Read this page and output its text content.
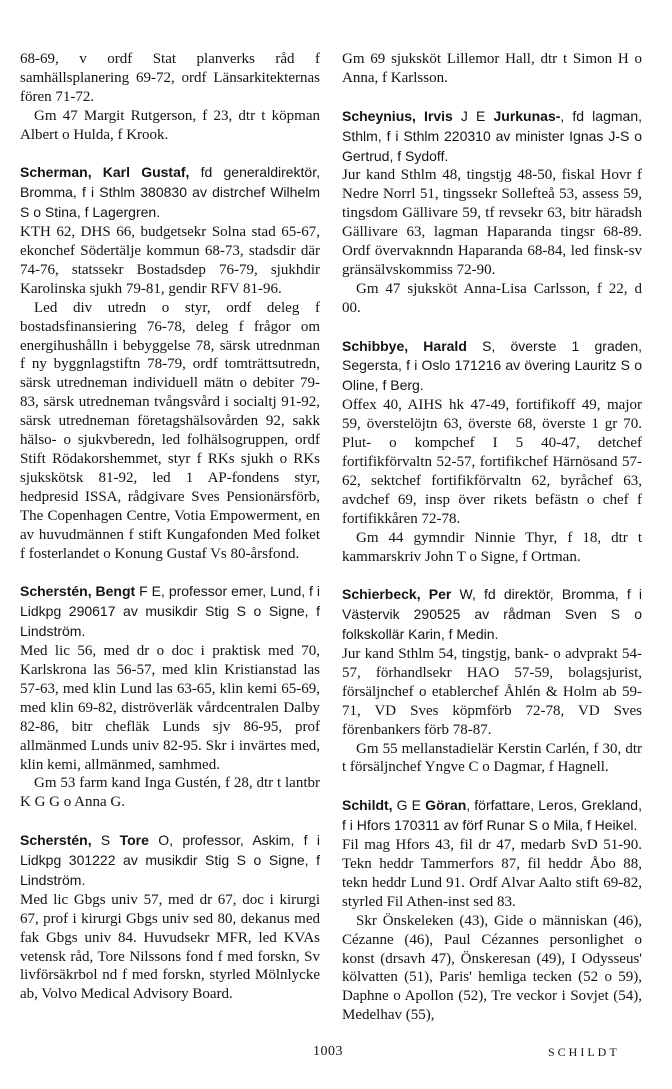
68-69, v ordf Stat planverks råd f samhällsplanering 69-72, ordf Länsarkitekternas fören 71-72.

Gm 47 Margit Rutgerson, f 23, dtr t köpman Albert o Hulda, f Krook.

Scherman, Karl Gustaf, fd generaldirektör, Bromma, f i Sthlm 380830 av distrchef Wilhelm S o Stina, f Lagergren.
KTH 62, DHS 66, budgetsekr Solna stad 65-67, ekonchef Södertälje kommun 68-73, stadsdir där 74-76, statssekr Bostadsdep 76-79, sjukhdir Karolinska sjukh 79-81, gendir RFV 81-96.

Led div utredn o styr, ordf deleg f bostadsfinansiering 76-78, deleg f frågor om energihushålln i bebyggelse 78, särsk utrednman f ny byggnlagstiftn 78-79, ordf tomträttsutredn, särsk utredneman individuell mätn o debiter 79-83, särsk utredneman tvångsvård i socialtj 91-92, särsk utredneman företagshälsovården 92, sakk hälso- o sjukvberedn, led folhälsogruppen, ordf Stift Rödakorshemmet, styr f RKs sjukh o RKs sjukskötsk 81-92, led 1 AP-fondens styr, hedpresid ISSA, rådgivare Sves Pensionärsförb, The Copenhagen Centre, Votia Empowerment, en av huvudmännen f stift Kungafonden Med folket f fosterlandet o Konung Gustaf Vs 80-årsfond.

Scherstén, Bengt F E, professor emer, Lund, f i Lidkpg 290617 av musikdir Stig S o Signe, f Lindström.
Med lic 56, med dr o doc i praktisk med 70, Karlskrona las 56-57, med klin Kristianstad las 57-63, med klin Lund las 63-65, klin kemi 65-69, med klin 69-82, diströverläk vårdcentralen Dalby 82-86, bitr chefläk Lunds sjv 86-95, prof allmänmed Lunds univ 82-95. Skr i invärtes med, klin kemi, allmänmed, samhmed.

Gm 53 farm kand Inga Gustén, f 28, dtr t lantbr K G G o Anna G.

Scherstén, S Tore O, professor, Askim, f i Lidkpg 301222 av musikdir Stig S o Signe, f Lindström.
Med lic Gbgs univ 57, med dr 67, doc i kirurgi 67, prof i kirurgi Gbgs univ sed 80, dekanus med fak Gbgs univ 84. Huvudsekr MFR, led KVAs vetensk råd, Tore Nilssons fond f med forskn, Sv livförsäkrbol nd f med forskn, styrled Mölnlycke ab, Volvo Medical Advisory Board.

Gm 69 sjuksköt Lillemor Hall, dtr t Simon H o Anna, f Karlsson.

Scheynius, Irvis J E Jurkunas-, fd lagman, Sthlm, f i Sthlm 220310 av minister Ignas J-S o Gertrud, f Sydoff.
Jur kand Sthlm 48, tingstjg 48-50, fiskal Hovr f Nedre Norrl 51, tingssekr Sollefteå 53, assess 59, tingsdom Gällivare 59, tf revsekr 63, bitr häradsh Gällivare 63, lagman Haparanda tingsr 68-89. Ordf övervaknndn Haparanda 68-84, led finsk-sv gränsälvskommiss 72-90.

Gm 47 sjuksköt Anna-Lisa Carlsson, f 22, d 00.

Schibbye, Harald S, överste 1 graden, Segersta, f i Oslo 171216 av övering Lauritz S o Oline, f Berg.
Offex 40, AIHS hk 47-49, fortifikoff 49, major 59, överstelöjtn 63, överste 68, överste 1 gr 70. Plut- o kompchef I 5 40-47, detchef fortifikförvaltn 52-57, fortifikchef Härnösand 57-62, sektchef fortifikförvaltn 62, byråchef 63, avdchef 69, insp över rikets befästn o chef f fortifikkåren 72-78.

Gm 44 gymndir Ninnie Thyr, f 18, dtr t kammarskriv John T o Signe, f Ortman.

Schierbeck, Per W, fd direktör, Bromma, f i Västervik 290525 av rådman Sven S o folkskollär Karin, f Medin.
Jur kand Sthlm 54, tingstjg, bank- o advprakt 54-57, förhandlsekr HAO 57-59, bolagsjurist, försäljnchef o etablerchef Åhlén & Holm ab 59-71, VD Sves köpmförb 72-78, VD Sves förenbankers förb 78-87.

Gm 55 mellanstadielär Kerstin Carlén, f 30, dtr t försäljnchef Yngve C o Dagmar, f Hagnell.

Schildt, G E Göran, författare, Leros, Grekland, f i Hfors 170311 av förf Runar S o Mila, f Heikel.
Fil mag Hfors 43, fil dr 47, medarb SvD 51-90. Tekn heddr Tammerfors 87, fil heddr Åbo 88, tekn heddr Lund 91. Ordf Alvar Aalto stift 69-82, styrled Fil Athen-inst sed 83.

Skr Önskeleken (43), Gide o människan (46), Cézanne (46), Paul Cézannes personlighet o konst (drsavh 47), Önskeresan (49), I Odysseus' kölvatten (51), Paris' hemliga tecken (52 o 59), Daphne o Apollon (52), Tre veckor i Sovjet (54), Medelhav (55),

1003	SCHILDT
